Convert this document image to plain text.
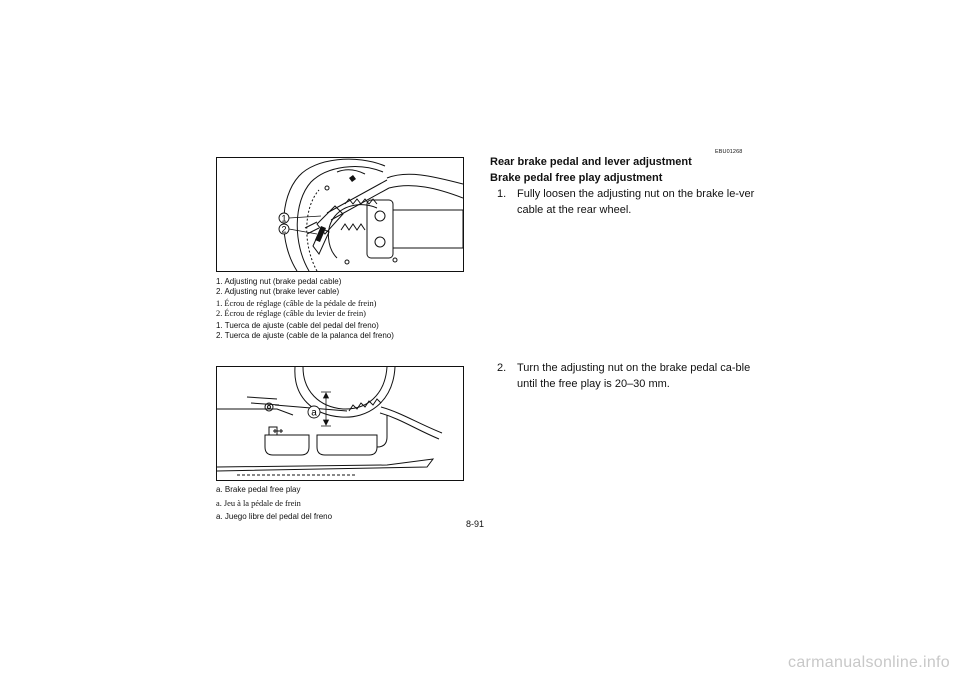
1
2
1. Adjusting nut (brake pedal cable)
2. Adjusting nut (brake lever cable)
1. Écrou de réglage (câble de la pédale de frein)
2. Écrou de réglage (câble du levier de frein)
1. Tuerca de ajuste (cable del pedal del freno)
2. Tuerca de ajuste (cable de la palanca del freno)
a
a. Brake pedal free play
a. Jeu à la pédale de frein
a. Juego libre del pedal del freno
EBU01268
Rear brake pedal and lever adjustment
Brake pedal free play adjustment
1. Fully loosen the adjusting nut on the brake le-ver cable at the rear wheel.
2. Turn the adjusting nut on the brake pedal ca-ble until the free play is 20–30 mm.
8-91
carmanualsonline.info
